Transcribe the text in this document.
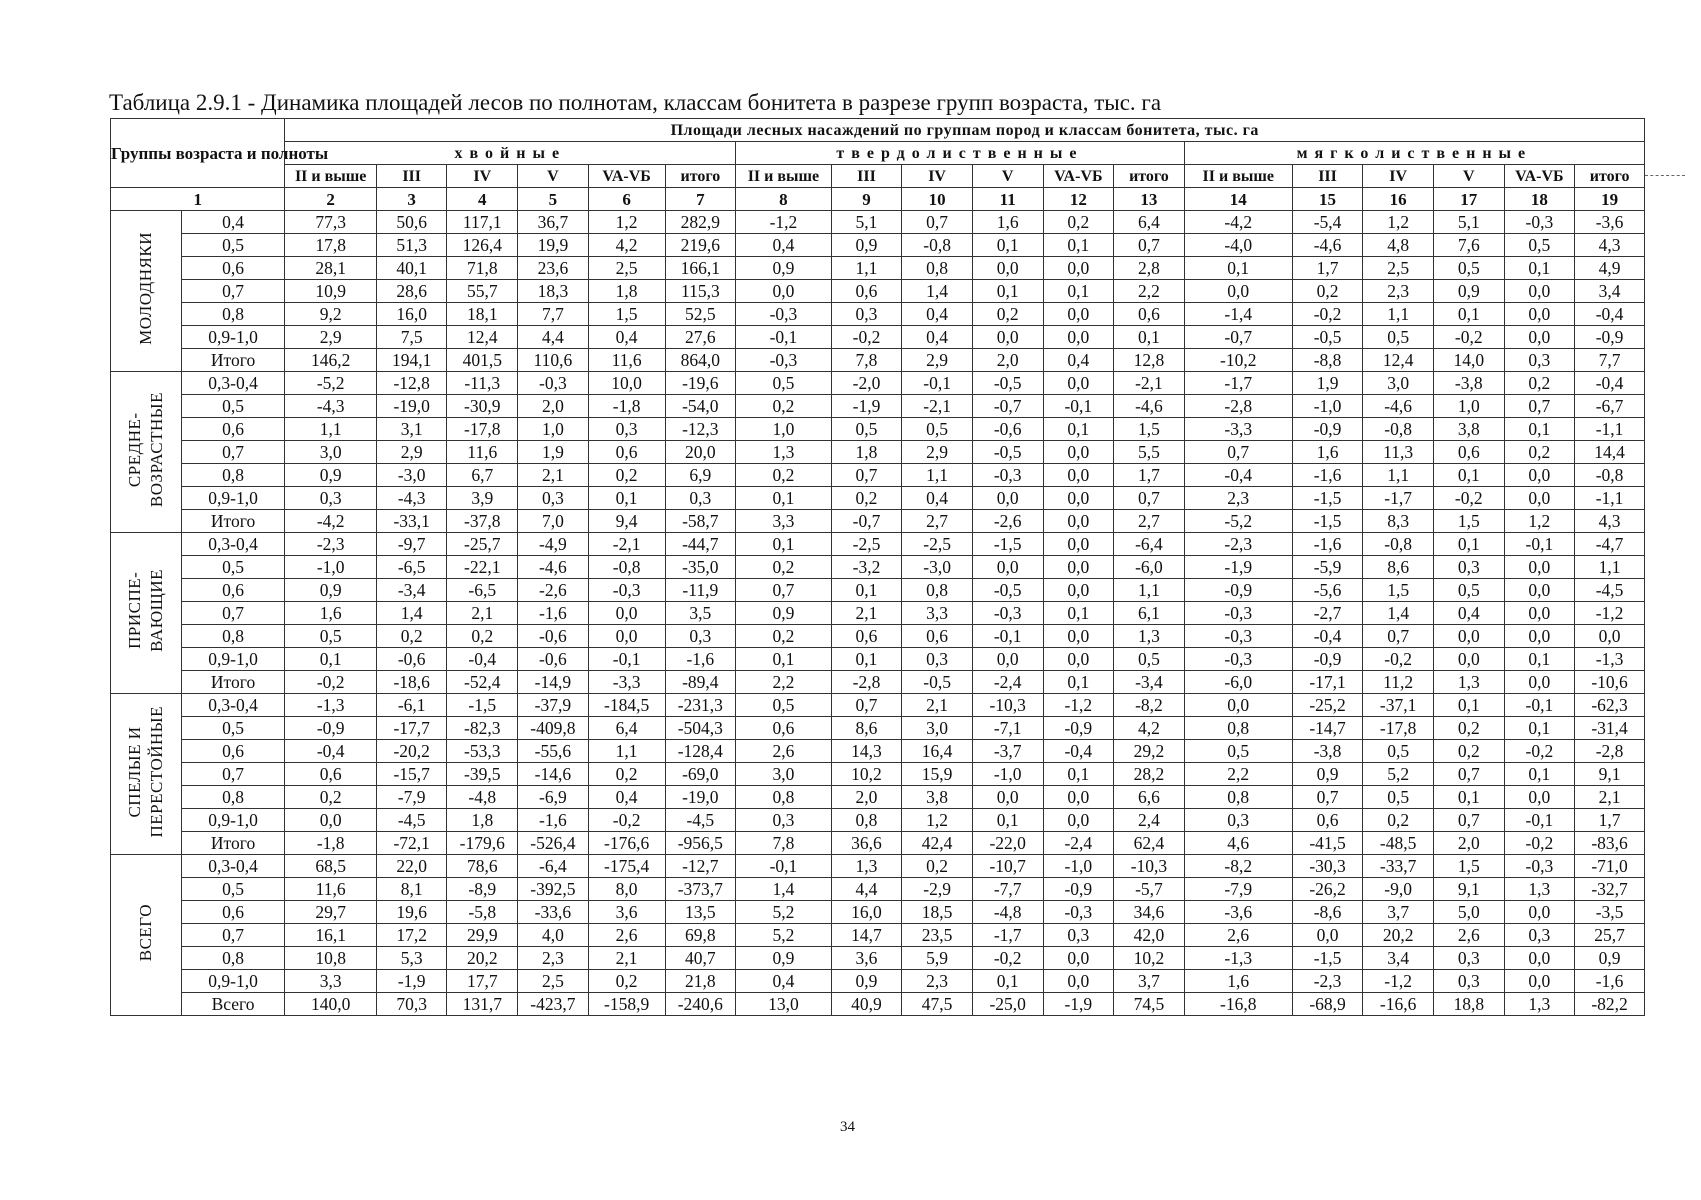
Таблица 2.9.1 - Динамика площадей лесов по полнотам, классам бонитета в разрезе групп возраста, тыс. га
Группы возраста и полноты		Площади лесных насаждений по группам пород и классам бонитета, тыс. га																	
		хвойные						твердолиственные						мягколиственные					
		II и выше	III	IV	V	VA-VБ	итого	II и выше	III	IV	V	VA-VБ	итого	II и выше	III	IV	V	VA-VБ	итого
1		2	3	4	5	6	7	8	9	10	11	12	13	14	15	16	17	18	19
МОЛОДНЯКИ	0,4	77,3	50,6	117,1	36,7	1,2	282,9	-1,2	5,1	0,7	1,6	0,2	6,4	-4,2	-5,4	1,2	5,1	-0,3	-3,6
	0,5	17,8	51,3	126,4	19,9	4,2	219,6	0,4	0,9	-0,8	0,1	0,1	0,7	-4,0	-4,6	4,8	7,6	0,5	4,3
	0,6	28,1	40,1	71,8	23,6	2,5	166,1	0,9	1,1	0,8	0,0	0,0	2,8	0,1	1,7	2,5	0,5	0,1	4,9
	0,7	10,9	28,6	55,7	18,3	1,8	115,3	0,0	0,6	1,4	0,1	0,1	2,2	0,0	0,2	2,3	0,9	0,0	3,4
	0,8	9,2	16,0	18,1	7,7	1,5	52,5	-0,3	0,3	0,4	0,2	0,0	0,6	-1,4	-0,2	1,1	0,1	0,0	-0,4
	0,9-1,0	2,9	7,5	12,4	4,4	0,4	27,6	-0,1	-0,2	0,4	0,0	0,0	0,1	-0,7	-0,5	0,5	-0,2	0,0	-0,9
	Итого	146,2	194,1	401,5	110,6	11,6	864,0	-0,3	7,8	2,9	2,0	0,4	12,8	-10,2	-8,8	12,4	14,0	0,3	7,7
СРЕДНЕ-
ВОЗРАСТНЫЕ	0,3-0,4	-5,2	-12,8	-11,3	-0,3	10,0	-19,6	0,5	-2,0	-0,1	-0,5	0,0	-2,1	-1,7	1,9	3,0	-3,8	0,2	-0,4
	0,5	-4,3	-19,0	-30,9	2,0	-1,8	-54,0	0,2	-1,9	-2,1	-0,7	-0,1	-4,6	-2,8	-1,0	-4,6	1,0	0,7	-6,7
	0,6	1,1	3,1	-17,8	1,0	0,3	-12,3	1,0	0,5	0,5	-0,6	0,1	1,5	-3,3	-0,9	-0,8	3,8	0,1	-1,1
	0,7	3,0	2,9	11,6	1,9	0,6	20,0	1,3	1,8	2,9	-0,5	0,0	5,5	0,7	1,6	11,3	0,6	0,2	14,4
	0,8	0,9	-3,0	6,7	2,1	0,2	6,9	0,2	0,7	1,1	-0,3	0,0	1,7	-0,4	-1,6	1,1	0,1	0,0	-0,8
	0,9-1,0	0,3	-4,3	3,9	0,3	0,1	0,3	0,1	0,2	0,4	0,0	0,0	0,7	2,3	-1,5	-1,7	-0,2	0,0	-1,1
	Итого	-4,2	-33,1	-37,8	7,0	9,4	-58,7	3,3	-0,7	2,7	-2,6	0,0	2,7	-5,2	-1,5	8,3	1,5	1,2	4,3
ПРИСПЕ-
ВАЮЩИЕ	0,3-0,4	-2,3	-9,7	-25,7	-4,9	-2,1	-44,7	0,1	-2,5	-2,5	-1,5	0,0	-6,4	-2,3	-1,6	-0,8	0,1	-0,1	-4,7
	0,5	-1,0	-6,5	-22,1	-4,6	-0,8	-35,0	0,2	-3,2	-3,0	0,0	0,0	-6,0	-1,9	-5,9	8,6	0,3	0,0	1,1
	0,6	0,9	-3,4	-6,5	-2,6	-0,3	-11,9	0,7	0,1	0,8	-0,5	0,0	1,1	-0,9	-5,6	1,5	0,5	0,0	-4,5
	0,7	1,6	1,4	2,1	-1,6	0,0	3,5	0,9	2,1	3,3	-0,3	0,1	6,1	-0,3	-2,7	1,4	0,4	0,0	-1,2
	0,8	0,5	0,2	0,2	-0,6	0,0	0,3	0,2	0,6	0,6	-0,1	0,0	1,3	-0,3	-0,4	0,7	0,0	0,0	0,0
	0,9-1,0	0,1	-0,6	-0,4	-0,6	-0,1	-1,6	0,1	0,1	0,3	0,0	0,0	0,5	-0,3	-0,9	-0,2	0,0	0,1	-1,3
	Итого	-0,2	-18,6	-52,4	-14,9	-3,3	-89,4	2,2	-2,8	-0,5	-2,4	0,1	-3,4	-6,0	-17,1	11,2	1,3	0,0	-10,6
СПЕЛЫЕ И
ПЕРЕСТОЙНЫЕ	0,3-0,4	-1,3	-6,1	-1,5	-37,9	-184,5	-231,3	0,5	0,7	2,1	-10,3	-1,2	-8,2	0,0	-25,2	-37,1	0,1	-0,1	-62,3
	0,5	-0,9	-17,7	-82,3	-409,8	6,4	-504,3	0,6	8,6	3,0	-7,1	-0,9	4,2	0,8	-14,7	-17,8	0,2	0,1	-31,4
	0,6	-0,4	-20,2	-53,3	-55,6	1,1	-128,4	2,6	14,3	16,4	-3,7	-0,4	29,2	0,5	-3,8	0,5	0,2	-0,2	-2,8
	0,7	0,6	-15,7	-39,5	-14,6	0,2	-69,0	3,0	10,2	15,9	-1,0	0,1	28,2	2,2	0,9	5,2	0,7	0,1	9,1
	0,8	0,2	-7,9	-4,8	-6,9	0,4	-19,0	0,8	2,0	3,8	0,0	0,0	6,6	0,8	0,7	0,5	0,1	0,0	2,1
	0,9-1,0	0,0	-4,5	1,8	-1,6	-0,2	-4,5	0,3	0,8	1,2	0,1	0,0	2,4	0,3	0,6	0,2	0,7	-0,1	1,7
	Итого	-1,8	-72,1	-179,6	-526,4	-176,6	-956,5	7,8	36,6	42,4	-22,0	-2,4	62,4	4,6	-41,5	-48,5	2,0	-0,2	-83,6
ВСЕГО	0,3-0,4	68,5	22,0	78,6	-6,4	-175,4	-12,7	-0,1	1,3	0,2	-10,7	-1,0	-10,3	-8,2	-30,3	-33,7	1,5	-0,3	-71,0
	0,5	11,6	8,1	-8,9	-392,5	8,0	-373,7	1,4	4,4	-2,9	-7,7	-0,9	-5,7	-7,9	-26,2	-9,0	9,1	1,3	-32,7
	0,6	29,7	19,6	-5,8	-33,6	3,6	13,5	5,2	16,0	18,5	-4,8	-0,3	34,6	-3,6	-8,6	3,7	5,0	0,0	-3,5
	0,7	16,1	17,2	29,9	4,0	2,6	69,8	5,2	14,7	23,5	-1,7	0,3	42,0	2,6	0,0	20,2	2,6	0,3	25,7
	0,8	10,8	5,3	20,2	2,3	2,1	40,7	0,9	3,6	5,9	-0,2	0,0	10,2	-1,3	-1,5	3,4	0,3	0,0	0,9
	0,9-1,0	3,3	-1,9	17,7	2,5	0,2	21,8	0,4	0,9	2,3	0,1	0,0	3,7	1,6	-2,3	-1,2	0,3	0,0	-1,6
	Всего	140,0	70,3	131,7	-423,7	-158,9	-240,6	13,0	40,9	47,5	-25,0	-1,9	74,5	-16,8	-68,9	-16,6	18,8	1,3	-82,2
34
